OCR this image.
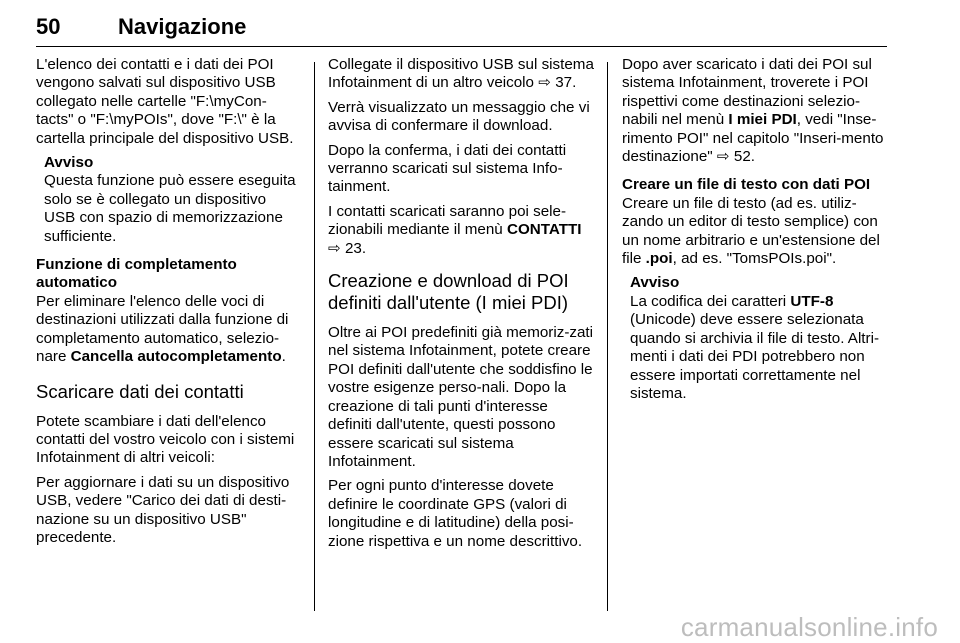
50	Navigazione

L'elenco dei contatti e i dati dei POI vengono salvati sul dispositivo USB collegato nelle cartelle "F:\myCon-tacts" o "F:\myPOIs", dove "F:\" è la cartella principale del dispositivo USB.

Avviso
Questa funzione può essere eseguita solo se è collegato un dispositivo USB con spazio di memorizzazione sufficiente.
Funzione di completamento automatico

Per eliminare l'elenco delle voci di destinazioni utilizzati dalla funzione di completamento automatico, selezio-nare Cancella autocompletamento.

Scaricare dati dei contatti

Potete scambiare i dati dell'elenco contatti del vostro veicolo con i sistemi Infotainment di altri veicoli:

Per aggiornare i dati su un dispositivo USB, vedere "Carico dei dati di desti-nazione su un dispositivo USB" precedente.

Collegate il dispositivo USB sul sistema Infotainment di un altro veicolo ⇨ 37.

Verrà visualizzato un messaggio che vi avvisa di confermare il download.

Dopo la conferma, i dati dei contatti verranno scaricati sul sistema Info-tainment.

I contatti scaricati saranno poi sele-zionabili mediante il menù CONTATTI ⇨ 23.

Creazione e download di POI definiti dall'utente (I miei PDI)

Oltre ai POI predefiniti già memoriz-zati nel sistema Infotainment, potete creare POI definiti dall'utente che soddisfino le vostre esigenze perso-nali. Dopo la creazione di tali punti d'interesse definiti dall'utente, questi possono essere scaricati sul sistema Infotainment.

Per ogni punto d'interesse dovete definire le coordinate GPS (valori di longitudine e di latitudine) della posi-zione rispettiva e un nome descrittivo.

Dopo aver scaricato i dati dei POI sul sistema Infotainment, troverete i POI rispettivi come destinazioni selezio-nabili nel menù I miei PDI, vedi "Inse-rimento POI" nel capitolo "Inseri-mento destinazione" ⇨ 52.

Creare un file di testo con dati POI

Creare un file di testo (ad es. utiliz-zando un editor di testo semplice) con un nome arbitrario e un'estensione del file .poi, ad es. "TomsPOIs.poi".

Avviso
La codifica dei caratteri UTF-8 (Unicode) deve essere selezionata quando si archivia il file di testo. Altri-menti i dati dei PDI potrebbero non essere importati correttamente nel sistema.
carmanualsonline.info
